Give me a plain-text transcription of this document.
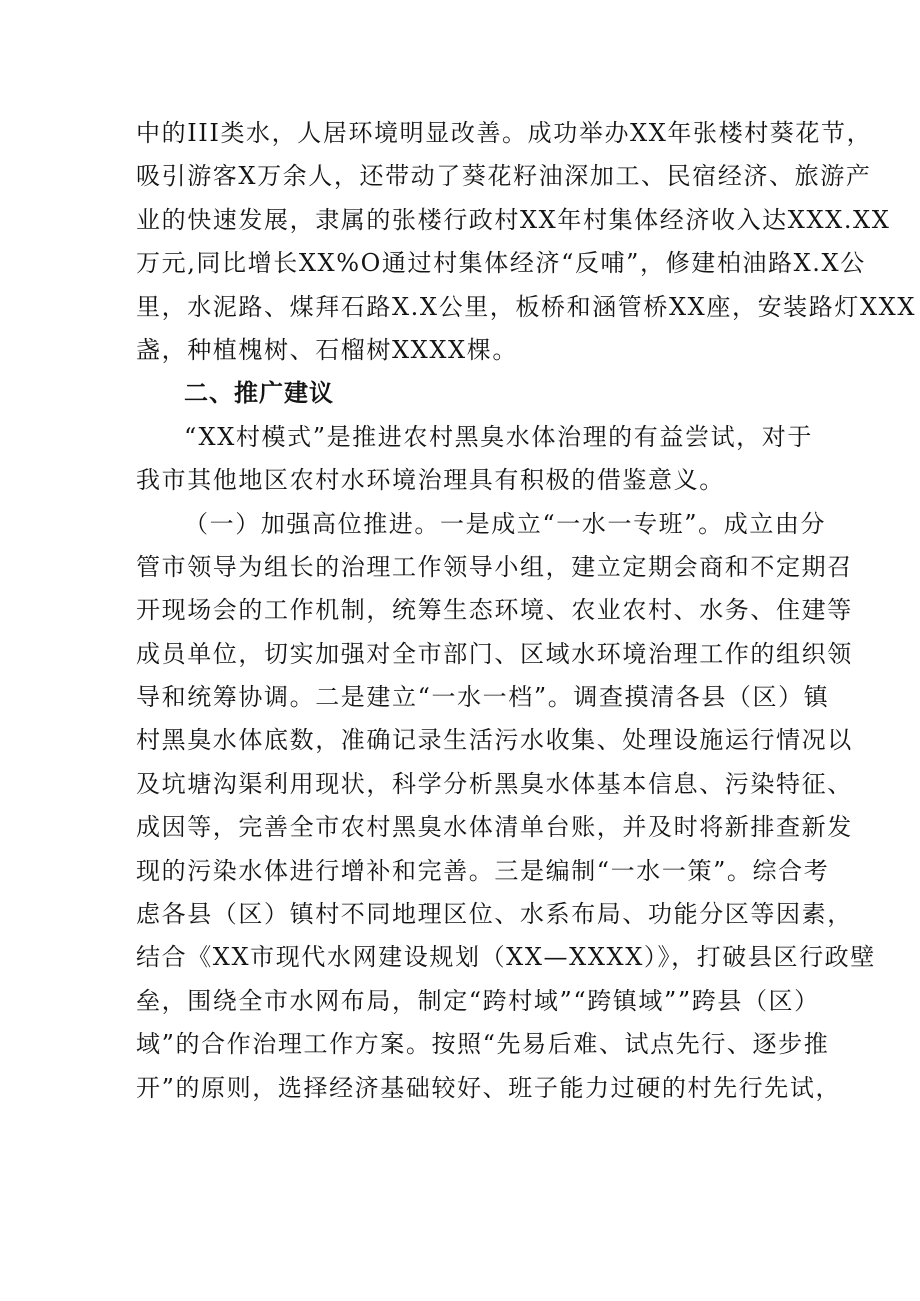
中的III类水，人居环境明显改善。成功举办XX年张楼村葵花节，
吸引游客X万余人，还带动了葵花籽油深加工、民宿经济、旅游产
业的快速发展，隶属的张楼行政村XX年村集体经济收入达XXX.XX
万元,同比增长XX%O通过村集体经济“反哺”，修建柏油路X.X公
里，水泥路、煤拜石路X.X公里，板桥和涵管桥XX座，安装路灯XXX
盏，种植槐树、石榴树XXXX棵。
二、推广建议
“XX村模式”是推进农村黑臭水体治理的有益尝试，对于
我市其他地区农村水环境治理具有积极的借鉴意义。
（一）加强高位推进。一是成立“一水一专班”。成立由分
管市领导为组长的治理工作领导小组，建立定期会商和不定期召
开现场会的工作机制，统筹生态环境、农业农村、水务、住建等
成员单位，切实加强对全市部门、区域水环境治理工作的组织领
导和统筹协调。二是建立“一水一档”。调查摸清各县（区）镇
村黑臭水体底数，准确记录生活污水收集、处理设施运行情况以
及坑塘沟渠利用现状，科学分析黑臭水体基本信息、污染特征、
成因等，完善全市农村黑臭水体清单台账，并及时将新排查新发
现的污染水体进行增补和完善。三是编制“一水一策”。综合考
虑各县（区）镇村不同地理区位、水系布局、功能分区等因素，
结合《XX市现代水网建设规划（XX—XXXX）》，打破县区行政壁
垒，围绕全市水网布局，制定“跨村域”“跨镇域””跨县（区）
域”的合作治理工作方案。按照“先易后难、试点先行、逐步推
开”的原则，选择经济基础较好、班子能力过硬的村先行先试，
